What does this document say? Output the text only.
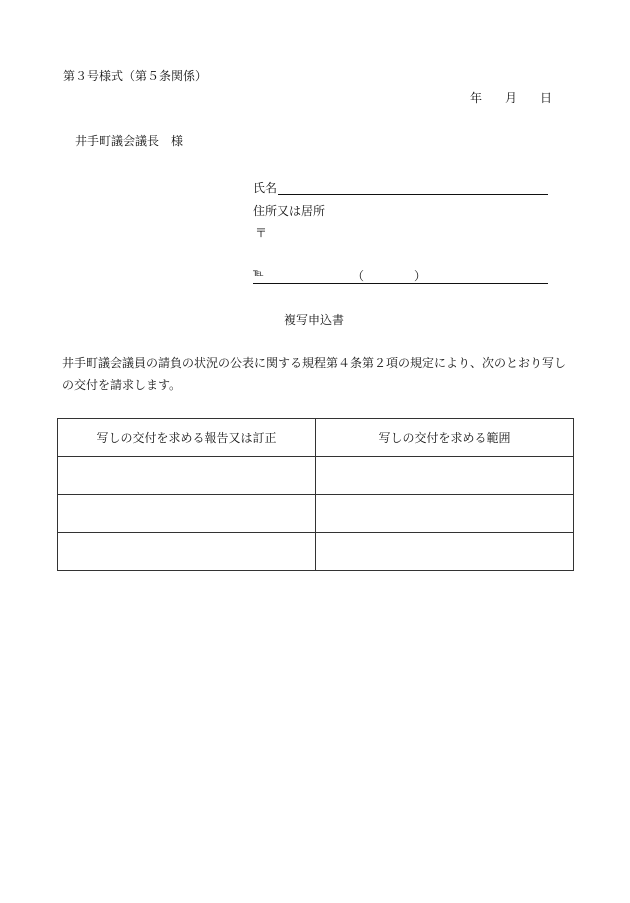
第３号様式（第５条関係）
年 月 日
井手町議会議長　様
氏名
住所又は居所
〒
℡	（	）
複写申込書
井手町議会議員の請負の状況の公表に関する規程第４条第２項の規定により、次のとおり写し
の交付を請求します。
写しの交付を求める報告又は訂正	写しの交付を求める範囲
